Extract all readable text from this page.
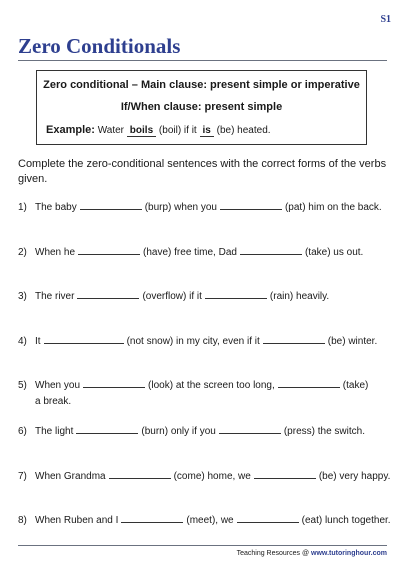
S1
Zero Conditionals
Zero conditional – Main clause: present simple or imperative
If/When clause: present simple
Example: Water boils (boil) if it is (be) heated.
Complete the zero-conditional sentences with the correct forms of the verbs given.
1) The baby	(burp) when you	(pat) him on the back.
2) When he	(have) free time, Dad	(take) us out.
3) The river	(overflow) if it	(rain) heavily.
4) It	(not snow) in my city, even if it	(be) winter.
5) When you	(look) at the screen too long,	(take)
a break.
6) The light	(burn) only if you	(press) the switch.
7) When Grandma	(come) home, we	(be) very happy.
8) When Ruben and I	(meet), we	(eat) lunch together.
Teaching Resources @ www.tutoringhour.com
